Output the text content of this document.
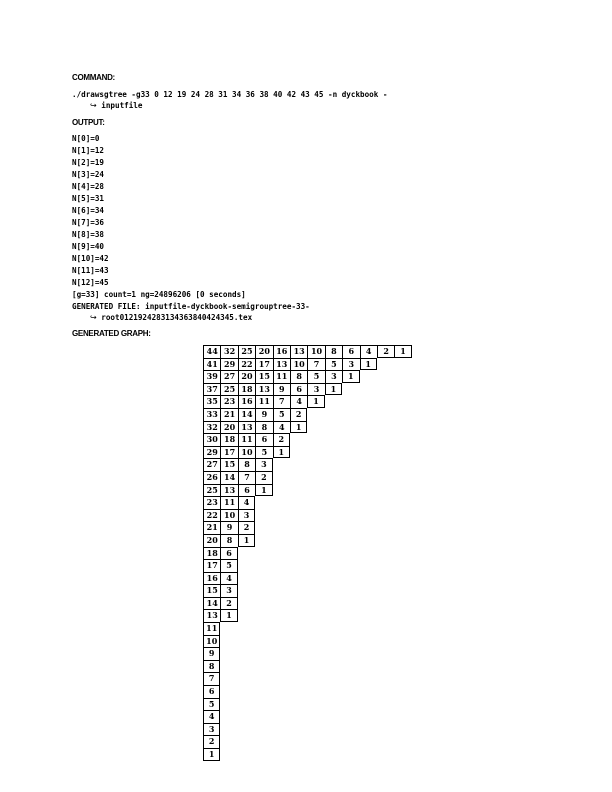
COMMAND:
./drawsgtree -g33 0 12 19 24 28 31 34 36 38 40 42 43 45 -n dyckbook -
↪ inputfile
OUTPUT:
N[0]=0
N[1]=12
N[2]=19
N[3]=24
N[4]=28
N[5]=31
N[6]=34
N[7]=36
N[8]=38
N[9]=40
N[10]=42
N[11]=43
N[12]=45
[g=33] count=1 ng=24896206 [0 seconds]
GENERATED FILE: inputfile-dyckbook-semigrouptree-33-
↪ root0121924283134363840424345.tex
GENERATED GRAPH:
44 32 25 20 16 13 10	8	6	4	2	1
41 29 22 17 13 10	7	5	3	1
39 27 20 15 11	8	5	3	1
37 25 18 13	9	6	3	1
35 23 16 11	7	4	1
33 21 14	9	5	2
32 20 13	8	4	1
30 18 11	6	2
29 17 10	5	1
27 15	8	3
26 14	7	2
25 13	6	1
23 11	4
22 10	3
21	9	2
20	8	1
18	6
17	5
16	4
15	3
14	2
13	1
11
10
9
8
7
6
5
4
3
2
1
